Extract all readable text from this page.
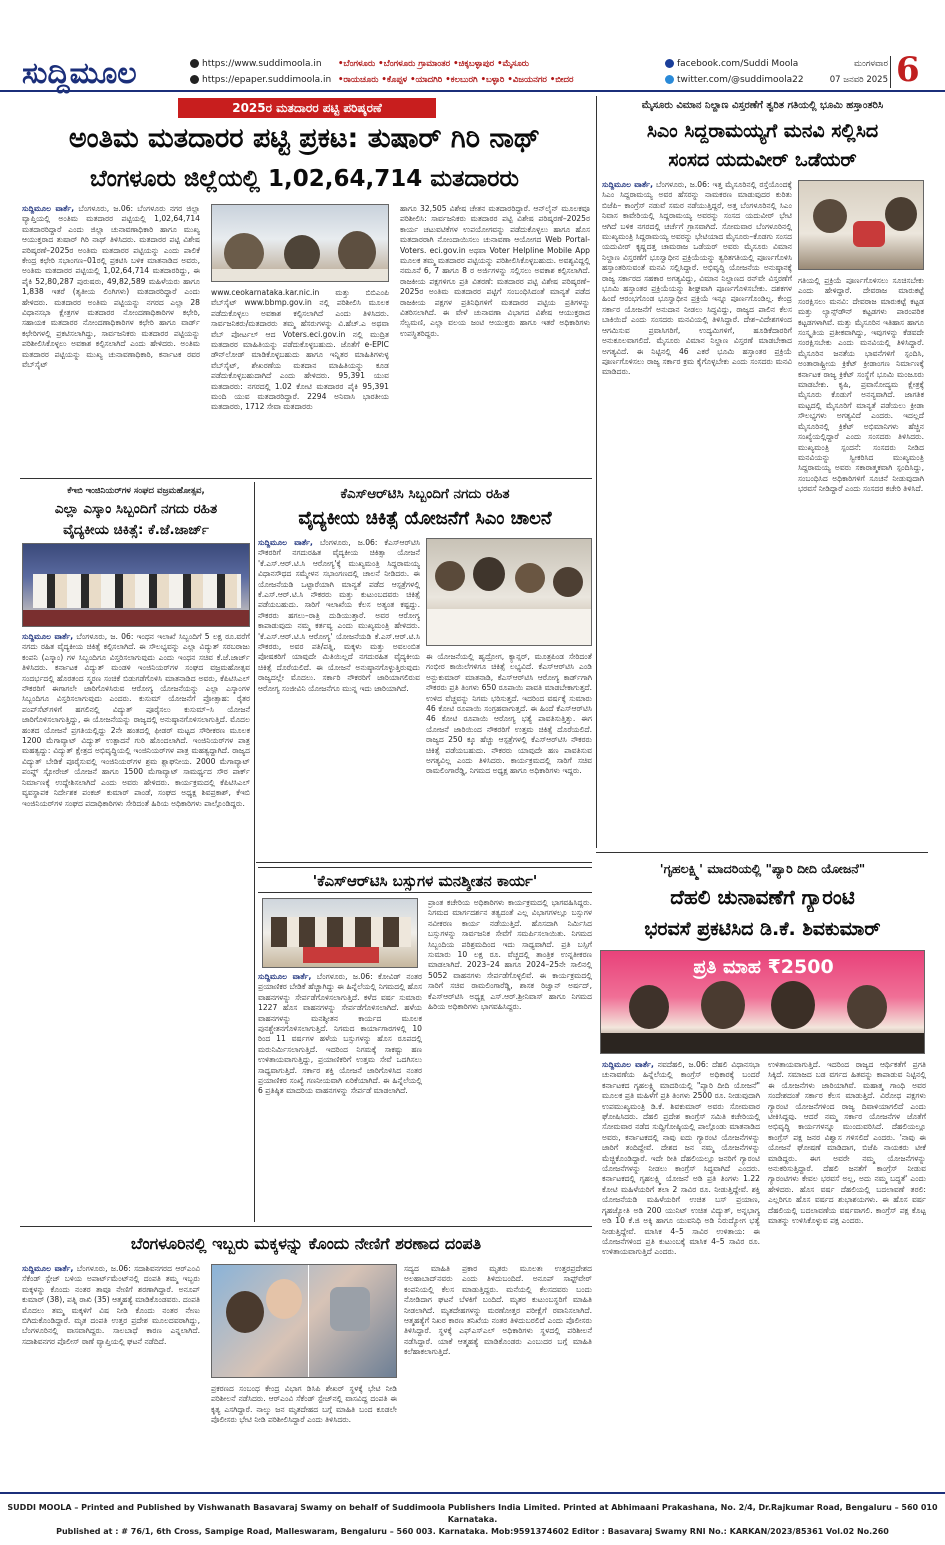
ಸುದ್ದಿಮೂಲ	https://www.suddimoola.in
https://epaper.suddimoola.in
•ಬೆಂಗಳೂರು •ಬೆಂಗಳೂರು ಗ್ರಾಮಾಂತರ •ಚಿಕ್ಕಬಳ್ಳಾಪುರ •ಮೈಸೂರು
•ರಾಯಚೂರು •ಕೊಪ್ಪಳ •ಯಾದಗಿರಿ •ಕಲಬುರಗಿ •ಬಳ್ಳಾರಿ •ವಿಜಯನಗರ •ಬೀದರ
facebook.com/Suddi Moola
twitter.com/@suddimoola22
ಮಂಗಳವಾರ
07 ಜನವರಿ 2025 6
2025ರ ಮತದಾರರ ಪಟ್ಟಿ ಪರಿಷ್ಕರಣೆ
ಅಂತಿಮ ಮತದಾರರ ಪಟ್ಟಿ ಪ್ರಕಟ: ತುಷಾರ್ ಗಿರಿ ನಾಥ್
ಬೆಂಗಳೂರು ಜಿಲ್ಲೆಯಲ್ಲಿ 1,02,64,714 ಮತದಾರರು
ಸುದ್ದಿಮೂಲ ವಾರ್ತೆ, ಬೆಂಗಳೂರು, ಜ.06: ಬೆಂಗಳೂರು ನಗರ ಜಿಲ್ಲಾ ವ್ಯಾಪ್ತಿಯಲ್ಲಿ ಅಂತಿಮ ಮತದಾರರ ಪಟ್ಟಿಯಲ್ಲಿ 1,02,64,714 ಮತದಾರರಿದ್ದಾರೆ ಎಂದು ಜಿಲ್ಲಾ ಚುನಾವಣಾಧಿಕಾರಿ ಹಾಗೂ ಮುಖ್ಯ ಆಯುಕ್ತರಾದ ತುಷಾರ್ ಗಿರಿ ನಾಥ್ ತಿಳಿಸಿದರು. ಮತದಾರರ ಪಟ್ಟಿ ವಿಶೇಷ ಪರಿಷ್ಕರಣೆ–2025ರ ಅಂತಿಮ ಮತದಾರರ ಪಟ್ಟಿಯನ್ನು ಎಂದು ಪಾಲಿಕೆ ಕೇಂದ್ರ ಕಛೇರಿ ಸಭಾಂಗಣ–01ರಲ್ಲಿ ಪ್ರಕಟಿಸಿ ಬಳಿಕ ಮಾತನಾಡಿದ ಅವರು, ಅಂತಿಮ ಮತದಾರರ ಪಟ್ಟಿಯಲ್ಲಿ 1,02,64,714 ಮತದಾರರಿದ್ದು, ಈ ಪೈಕಿ 52,80,287 ಪುರುಷರು, 49,82,589 ಮಹಿಳೆಯರು ಹಾಗೂ 1,838 ಇತರೆ (ತೃತೀಯ ಲಿಂಗಿಗಳು) ಮತದಾರರಿದ್ದಾರೆ ಎಂದು ಹೇಳಿದರು. ಮತದಾರರ ಅಂತಿಮ ಪಟ್ಟಿಯನ್ನು ನಗರದ ಎಲ್ಲಾ 28 ವಿಧಾನಸಭಾ ಕ್ಷೇತ್ರಗಳ ಮತದಾರರ ನೋಂದಣಾಧಿಕಾರಿಗಳ ಕಛೇರಿ, ಸಹಾಯಕ ಮತದಾರರ ನೋಂದಣಾಧಿಕಾರಿಗಳ ಕಛೇರಿ ಹಾಗೂ ವಾರ್ಡ್ ಕಛೇರಿಗಳಲ್ಲಿ ಪ್ರಕಟಿಸಲಾಗಿದ್ದು, ಸಾರ್ವಜನಿಕರು ಮತದಾರರ ಪಟ್ಟಿಯನ್ನು ಪರಿಶೀಲಿಸಿಕೊಳ್ಳಲು ಅವಕಾಶ ಕಲ್ಪಿಸಲಾಗಿದೆ ಎಂದು ಹೇಳಿದರು. ಅಂತಿಮ ಮತದಾರರ ಪಟ್ಟಿಯನ್ನು ಮುಖ್ಯ ಚುನಾವಣಾಧಿಕಾರಿ, ಕರ್ನಾಟಕ ರವರ ವೆಬ್‌ಸೈಟ್
www.ceokarnataka.kar.nic.in ಮತ್ತು ಬಿಬಿಎಂಪಿ ವೆಬ್‌ಸೈಟ್ www.bbmp.gov.in ನಲ್ಲಿ ಪರಿಶೀಲಿಸಿ ಮೂಲಕ ಪಡೆದುಕೊಳ್ಳಲು ಅವಕಾಶ ಕಲ್ಪಿಸಲಾಗಿದೆ ಎಂದು ತಿಳಿಸಿದರು. ಸಾರ್ವಜನಿಕರು/ಮತದಾರರು ತಮ್ಮ ಹೆಸರುಗಳನ್ನು ವಿ.ಹೆಚ್.ಎ ಅಥವಾ ವೆಬ್ ಪೋರ್ಟಲ್ ಆದ Voters.eci.gov.in ನಲ್ಲಿ ಮುದ್ರಿತ ಮತದಾರರ ಮಾಹಿತಿಯನ್ನು ಪಡೆದುಕೊಳ್ಳಬಹುದು. ಜೊತೆಗೆ e-EPIC ಡೌನ್‌ಲೋಡ್ ಮಾಡಿಕೊಳ್ಳಬಹುದು ಹಾಗೂ ಇನ್ನಿತರ ಮಾಹಿತಿಗಳುಳ್ಳ ವೆಬ್‌ಸೈಟ್, ಶೇಖರಣೆಯ ಮತದಾನ ಮಾಹಿತಿಯನ್ನು ಕೂಡ ಪಡೆದುಕೊಳ್ಳಬಹುದಾಗಿದೆ ಎಂದು ಹೇಳಿದರು. 95,391 ಯುವ ಮತದಾರರು: ನಗರದಲ್ಲಿ 1.02 ಕೋಟಿ ಮತದಾರರ ಪೈಕಿ 95,391 ಮಂದಿ ಯುವ ಮತದಾರರಿದ್ದಾರೆ. 2294 ಅನಿವಾಸಿ ಭಾರತೀಯ ಮತದಾರರು, 1712 ಸೇವಾ ಮತದಾರರು
ಹಾಗೂ 32,505 ವಿಶೇಷ ಚೇತನ ಮತದಾರರಿದ್ದಾರೆ. ಆನ್‌ಲೈನ್ ಮೂಲಕವೂ ಪರಿಶೀಲಿಸಿ: ಸಾರ್ವಜನಿಕರು ಮತದಾರರ ಪಟ್ಟಿ ವಿಶೇಷ ಪರಿಷ್ಕರಣೆ–2025ರ ಕಾರ್ಯ ಚಟುವಟಿಕೆಗಳ ಉಪಯೋಗವನ್ನು ಪಡೆದುಕೊಳ್ಳಲು ಹಾಗೂ ಹೊಸ ಮತದಾರರಾಗಿ ನೋಂದಾಯಿಸಲು ಚುನಾವಣಾ ಆಯೋಗದ Web Portal-Voters. eci.gov.in ಅಥವಾ Voter Helpline Mobile App ಮೂಲಕ ತಮ್ಮ ಮತದಾರರ ಪಟ್ಟಿಯನ್ನು ಪರಿಶೀಲಿಸಿಕೊಳ್ಳಬಹುದು. ಅವಶ್ಯವಿದ್ದಲ್ಲಿ ನಮೂನೆ 6, 7 ಹಾಗೂ 8 ರ ಅರ್ಜಿಗಳನ್ನು ಸಲ್ಲಿಸಲು ಅವಕಾಶ ಕಲ್ಪಿಸಲಾಗಿದೆ. ರಾಜಕೀಯ ಪಕ್ಷಗಳಿಗೂ ಪ್ರತಿ ವಿತರಣೆ: ಮತದಾರರ ಪಟ್ಟಿ ವಿಶೇಷ ಪರಿಷ್ಕರಣೆ–2025ರ ಅಂತಿಮ ಮತದಾರರ ಪಟ್ಟಿಗೆ ಸಂಬಂಧಿಸಿದಂತೆ ಮಾನ್ಯತೆ ಪಡೆದ ರಾಜಕೀಯ ಪಕ್ಷಗಳ ಪ್ರತಿನಿಧಿಗಳಿಗೆ ಮತದಾರರ ಪಟ್ಟಿಯ ಪ್ರತಿಗಳನ್ನು ವಿತರಿಸಲಾಗಿದೆ. ಈ ವೇಳೆ ಚುನಾವಣಾ ವಿಭಾಗದ ವಿಶೇಷ ಆಯುಕ್ತರಾದ ಸೆಲ್ವಮಣಿ, ಎಲ್ಲಾ ವಲಯ ಜಂಟಿ ಆಯುಕ್ತರು ಹಾಗೂ ಇತರೆ ಅಧಿಕಾರಿಗಳು ಉಪಸ್ಥಿತರಿದ್ದರು.
ಮೈಸೂರು ವಿಮಾನ ನಿಲ್ದಾಣ ವಿಸ್ತರಣೆಗೆ ತ್ವರಿತ ಗತಿಯಲ್ಲಿ ಭೂಮಿ ಹಸ್ತಾಂತರಿಸಿ
ಸಿಎಂ ಸಿದ್ದರಾಮಯ್ಯಗೆ ಮನವಿ ಸಲ್ಲಿಸಿದ
ಸಂಸದ ಯದುವೀರ್ ಒಡೆಯರ್
ಸುದ್ದಿಮೂಲ ವಾರ್ತೆ, ಬೆಂಗಳೂರು, ಜ.06: ಇತ್ತ ಮೈಸೂರಿನಲ್ಲಿ ರಸ್ತೆಯೊಂದಕ್ಕೆ ಸಿಎಂ ಸಿದ್ದರಾಮಯ್ಯ ಅವರ ಹೆಸರನ್ನು ನಾಮಕರಣ ಮಾಡುವುದರ ಕುರಿತು ಬಿಜೆಪಿ– ಕಾಂಗ್ರೆಸ್ ನಡುವೆ ಸಮರ ನಡೆಯುತ್ತಿದ್ದರೆ, ಅತ್ತ ಬೆಂಗಳೂರಿನಲ್ಲಿ ಸಿಎಂ ನಿವಾಸ ಕಾವೇರಿಯಲ್ಲಿ ಸಿದ್ದರಾಮಯ್ಯ ಅವರನ್ನು ಸಂಸದ ಯದುವೀರ್ ಭೇಟಿ ಆಗಿದೆ ಬಳಿಕ ನಗರದಲ್ಲಿ ಚರ್ಚೆಗೆ ಗ್ರಾಸವಾಗಿದೆ. ಸೋಮವಾರ ಬೆಂಗಳೂರಿನಲ್ಲಿ ಮುಖ್ಯಮಂತ್ರಿ ಸಿದ್ದರಾಮಯ್ಯ ಅವರನ್ನು ಭೇಟಿಯಾದ ಮೈಸೂರು–ಕೊಡಗು ಸಂಸದ ಯದುವೀರ್ ಕೃಷ್ಣದತ್ತ ಚಾಮರಾಜ ಒಡೆಯರ್ ಅವರು ಮೈಸೂರು ವಿಮಾನ ನಿಲ್ದಾಣ ವಿಸ್ತರಣೆಗೆ ಭೂಸ್ವಾಧೀನ ಪ್ರಕ್ರಿಯೆಯನ್ನು ತ್ವರಿತಗತಿಯಲ್ಲಿ ಪೂರ್ಣಗೊಳಿಸಿ ಹಸ್ತಾಂತರಿಸುವಂತೆ ಮನವಿ ಸಲ್ಲಿಸಿದ್ದಾರೆ. ಅಭಿವೃದ್ಧಿ ಯೋಜನೆಯ ಅನುಷ್ಠಾನಕ್ಕೆ ರಾಜ್ಯ ಸರ್ಕಾರದ ಸಹಕಾರ ಅಗತ್ಯವಿದ್ದು, ವಿಮಾನ ನಿಲ್ದಾಣದ ರನ್‌ವೇ ವಿಸ್ತರಣೆಗೆ ಭೂಮಿ ಹಸ್ತಾಂತರ ಪ್ರಕ್ರಿಯೆಯನ್ನು ಶೀಘ್ರವಾಗಿ ಪೂರ್ಣಗೊಳಿಸಬೇಕು. ದಶಕಗಳ ಹಿಂದೆ ಆರಂಭಗೊಂಡ ಭೂಸ್ವಾಧೀನ ಪ್ರಕ್ರಿಯೆ ಇನ್ನೂ ಪೂರ್ಣಗೊಂಡಿಲ್ಲ. ಕೇಂದ್ರ ಸರ್ಕಾರ ಯೋಜನೆಗೆ ಅನುದಾನ ನೀಡಲು ಸಿದ್ಧವಿದ್ದು, ರಾಜ್ಯದ ಪಾಲಿನ ಕೆಲಸ ಬಾಕಿಯಿದೆ ಎಂದು ಸಂಸದರು ಮನವಿಯಲ್ಲಿ ತಿಳಿಸಿದ್ದಾರೆ. ದೇಶ–ವಿದೇಶಗಳಿಂದ ಆಗಮಿಸುವ ಪ್ರವಾಸಿಗರಿಗೆ, ಉದ್ಯಮಿಗಳಿಗೆ, ಹೂಡಿಕೆದಾರರಿಗೆ ಅನುಕೂಲವಾಗಲಿದೆ. ಮೈಸೂರು ವಿಮಾನ ನಿಲ್ದಾಣ ವಿಸ್ತರಣೆ ಮಾಡಬೇಕಾದ ಅಗತ್ಯವಿದೆ. ಈ ನಿಟ್ಟಿನಲ್ಲಿ 46 ಎಕರೆ ಭೂಮಿ ಹಸ್ತಾಂತರ ಪ್ರಕ್ರಿಯೆ ಪೂರ್ಣಗೊಳಿಸಲು ರಾಜ್ಯ ಸರ್ಕಾರ ಕ್ರಮ ಕೈಗೊಳ್ಳಬೇಕು ಎಂದು ಸಂಸದರು ಮನವಿ ಮಾಡಿದರು.
ಗತಿಯಲ್ಲಿ ಪ್ರಕ್ರಿಯೆ ಪೂರ್ಣಗೊಳಿಸಲು ಸೂಚಿಸಬೇಕು ಎಂದು ಹೇಳಿದ್ದಾರೆ. ದೇವರಾಜ ಮಾರುಕಟ್ಟೆ ಸಂರಕ್ಷಿಸಲು ಮನವಿ: ದೇವರಾಜ ಮಾರುಕಟ್ಟೆ ಕಟ್ಟಡ ಮತ್ತು ಲ್ಯಾನ್ಸ್‌ಡೌನ್ ಕಟ್ಟಡಗಳು ಪಾರಂಪರಿಕ ಕಟ್ಟಡಗಳಾಗಿವೆ. ಮತ್ತು ಮೈಸೂರಿನ ಇತಿಹಾಸ ಹಾಗೂ ಸಂಸ್ಕೃತಿಯ ಪ್ರತೀಕವಾಗಿದ್ದು, ಇವುಗಳನ್ನು ಕೆಡವದೇ ಸಂರಕ್ಷಿಸಬೇಕು ಎಂದು ಮನವಿಯಲ್ಲಿ ತಿಳಿಸಿದ್ದಾರೆ. ಮೈಸೂರಿನ ಜನತೆಯ ಭಾವನೆಗಳಿಗೆ ಸ್ಪಂದಿಸಿ, ಅಂತಾರಾಷ್ಟ್ರೀಯ ಕ್ರಿಕೆಟ್ ಕ್ರೀಡಾಂಗಣ ನಿರ್ಮಾಣಕ್ಕೆ ಕರ್ನಾಟಕ ರಾಜ್ಯ ಕ್ರಿಕೆಟ್ ಸಂಸ್ಥೆಗೆ ಭೂಮಿ ಮಂಜೂರು ಮಾಡಬೇಕು. ಕೃಷಿ, ಪ್ರವಾಸೋದ್ಯಮ ಕ್ಷೇತ್ರಕ್ಕೆ ಮೈಸೂರು ಕೊಡುಗೆ ಅನನ್ಯವಾಗಿದೆ. ಜಾಗತಿಕ ಮಟ್ಟದಲ್ಲಿ ಮೈಸೂರಿಗೆ ಮಾನ್ಯತೆ ಪಡೆಯಲು ಕ್ರೀಡಾ ಸೌಲಭ್ಯಗಳು ಅಗತ್ಯವಿದೆ ಎಂದರು. ಇದಲ್ಲದೆ ಮೈಸೂರಿನಲ್ಲಿ ಕ್ರಿಕೆಟ್ ಅಭಿಮಾನಿಗಳು ಹೆಚ್ಚಿನ ಸಂಖ್ಯೆಯಲ್ಲಿದ್ದಾರೆ ಎಂದು ಸಂಸದರು ತಿಳಿಸಿದರು. ಮುಖ್ಯಮಂತ್ರಿ ಸ್ಪಂದನೆ: ಸಂಸದರು ನೀಡಿದ ಮನವಿಯನ್ನು ಸ್ವೀಕರಿಸಿದ ಮುಖ್ಯಮಂತ್ರಿ ಸಿದ್ದರಾಮಯ್ಯ ಅವರು ಸಕಾರಾತ್ಮಕವಾಗಿ ಸ್ಪಂದಿಸಿದ್ದು, ಸಂಬಂಧಿಸಿದ ಅಧಿಕಾರಿಗಳಿಗೆ ಸೂಚನೆ ನೀಡುವುದಾಗಿ ಭರವಸೆ ನೀಡಿದ್ದಾರೆ ಎಂದು ಸಂಸದರ ಕಚೇರಿ ತಿಳಿಸಿದೆ.
ಕೆಇಬಿ ಇಂಜಿನಿಯರ್‌ಗಳ ಸಂಘದ ವಜ್ರಮಹೋತ್ಸವ,
ಎಲ್ಲಾ ಎಸ್ಕಾಂ ಸಿಬ್ಬಂದಿಗೆ ನಗದು ರಹಿತ
ವೈದ್ಯಕೀಯ ಚಿಕಿತ್ಸೆ: ಕೆ.ಜೆ.ಜಾರ್ಜ್
ಸುದ್ದಿಮೂಲ ವಾರ್ತೆ, ಬೆಂಗಳೂರು, ಜ. 06: ಇಂಧನ ಇಲಾಖೆ ಸಿಬ್ಬಂದಿಗೆ 5 ಲಕ್ಷ ರೂ.ವರೆಗೆ ನಗದು ರಹಿತ ವೈದ್ಯಕೀಯ ಚಿಕಿತ್ಸೆ ಕಲ್ಪಿಸಲಾಗಿದೆ. ಈ ಸೌಲಭ್ಯವನ್ನು ಎಲ್ಲಾ ವಿದ್ಯುತ್ ಸರಬರಾಜು ಕಂಪನಿ (ಎಸ್ಕಾಂ) ಗಳ ಸಿಬ್ಬಂದಿಗೂ ವಿಸ್ತರಿಸಲಾಗುವುದು ಎಂದು ಇಂಧನ ಸಚಿವ ಕೆ.ಜೆ.ಜಾರ್ಜ್ ತಿಳಿಸಿದರು. ಕರ್ನಾಟಕ ವಿದ್ಯುತ್ ಮಂಡಳಿ ಇಂಜಿನಿಯರ್‌ಗಳ ಸಂಘದ ವಜ್ರಮಹೋತ್ಸವ ಸಂದರ್ಭದಲ್ಲಿ ಹೊರತಂದ ಸ್ಮರಣ ಸಂಚಿಕೆ ಬಿಡುಗಡೆಗೊಳಿಸಿ ಮಾತನಾಡಿದ ಅವರು, ಕೆಪಿಟಿಸಿಎಲ್ ನೌಕರರಿಗೆ ಈಗಾಗಲೇ ಜಾರಿಗೊಳಿಸಿರುವ ಆರೋಗ್ಯ ಯೋಜನೆಯನ್ನು ಎಲ್ಲಾ ಎಸ್ಕಾಂಗಳ ಸಿಬ್ಬಂದಿಗೂ ವಿಸ್ತರಿಸಲಾಗುವುದು ಎಂದರು. ಕುಸುಮ್ ಯೋಜನೆಗೆ ಪ್ರೋತ್ಸಾಹ: ರೈತರ ಪಂಪ್‌ಸೆಟ್‌ಗಳಿಗೆ ಹಗಲಿನಲ್ಲಿ ವಿದ್ಯುತ್ ಪೂರೈಸಲು ಕುಸುಮ್–ಸಿ ಯೋಜನೆ ಜಾರಿಗೊಳಿಸಲಾಗುತ್ತಿದ್ದು, ಈ ಯೋಜನೆಯನ್ನು ರಾಜ್ಯದಲ್ಲಿ ಅನುಷ್ಠಾನಗೊಳಿಸಲಾಗುತ್ತಿದೆ. ಮೊದಲ ಹಂತದ ಯೋಜನೆ ಪ್ರಗತಿಯಲ್ಲಿದ್ದು 2ನೇ ಹಂತದಲ್ಲಿ ಫೀಡರ್ ಮಟ್ಟದ ಸೌರೀಕರಣ ಮೂಲಕ 1200 ಮೆಗಾವ್ಯಾಟ್ ವಿದ್ಯುತ್ ಉತ್ಪಾದನೆ ಗುರಿ ಹೊಂದಲಾಗಿದೆ. ಇಂಜಿನಿಯರ್‌ಗಳ ಪಾತ್ರ ಮಹತ್ವದ್ದು: ವಿದ್ಯುತ್ ಕ್ಷೇತ್ರದ ಅಭಿವೃದ್ಧಿಯಲ್ಲಿ ಇಂಜಿನಿಯರ್‌ಗಳ ಪಾತ್ರ ಮಹತ್ವದ್ದಾಗಿದೆ. ರಾಜ್ಯದ ವಿದ್ಯುತ್ ಬೇಡಿಕೆ ಪೂರೈಸುವಲ್ಲಿ ಇಂಜಿನಿಯರ್‌ಗಳ ಶ್ರಮ ಶ್ಲಾಘನೀಯ. 2000 ಮೆಗಾವ್ಯಾಟ್ ಪಂಪ್ಡ್ ಸ್ಟೋರೇಜ್ ಯೋಜನೆ ಹಾಗೂ 1500 ಮೆಗಾವ್ಯಾಟ್ ಸಾಮರ್ಥ್ಯದ ಸೌರ ಪಾರ್ಕ್ ನಿರ್ಮಾಣಕ್ಕೆ ಉದ್ದೇಶಿಸಲಾಗಿದೆ ಎಂದು ಅವರು ಹೇಳಿದರು. ಕಾರ್ಯಕ್ರಮದಲ್ಲಿ ಕೆಪಿಟಿಸಿಎಲ್ ವ್ಯವಸ್ಥಾಪಕ ನಿರ್ದೇಶಕ ಪಂಕಜ್ ಕುಮಾರ್ ಪಾಂಡೆ, ಸಂಘದ ಅಧ್ಯಕ್ಷ ಶಿವಪ್ರಕಾಶ್, ಕೆಇಬಿ ಇಂಜಿನಿಯರ್‌ಗಳ ಸಂಘದ ಪದಾಧಿಕಾರಿಗಳು ಸೇರಿದಂತೆ ಹಿರಿಯ ಅಧಿಕಾರಿಗಳು ಪಾಲ್ಗೊಂಡಿದ್ದರು.
ಕೆಎಸ್‌ಆರ್‌ಟಿಸಿ ಸಿಬ್ಬಂದಿಗೆ ನಗದು ರಹಿತ
ವೈದ್ಯಕೀಯ ಚಿಕಿತ್ಸೆ ಯೋಜನೆಗೆ ಸಿಎಂ ಚಾಲನೆ
ಸುದ್ದಿಮೂಲ ವಾರ್ತೆ, ಬೆಂಗಳೂರು, ಜ.06: ಕೆಎಸ್‌ಆರ್‌ಟಿಸಿ ನೌಕರರಿಗೆ ನಗದುರಹಿತ ವೈದ್ಯಕೀಯ ಚಿಕಿತ್ಸಾ ಯೋಜನೆ 'ಕೆ.ಎಸ್.ಆರ್.ಟಿ.ಸಿ ಆರೋಗ್ಯ'ಕ್ಕೆ ಮುಖ್ಯಮಂತ್ರಿ ಸಿದ್ದರಾಮಯ್ಯ ವಿಧಾನಸೌಧದ ಸಮ್ಮೇಳನ ಸಭಾಂಗಣದಲ್ಲಿ ಚಾಲನೆ ನೀಡಿದರು. ಈ ಯೋಜನೆಯಡಿ ಒಟ್ಟಾರೆಯಾಗಿ ಮಾನ್ಯತೆ ಪಡೆದ ಆಸ್ಪತ್ರೆಗಳಲ್ಲಿ ಕೆ.ಎಸ್.ಆರ್.ಟಿ.ಸಿ ನೌಕರರು ಮತ್ತು ಕುಟುಂಬದವರು ಚಿಕಿತ್ಸೆ ಪಡೆಯಬಹುದು. ಸಾರಿಗೆ ಇಲಾಖೆಯ ಕೆಲಸ ಅತ್ಯಂತ ಕಷ್ಟದ್ದು. ನೌಕರರು ಹಗಲು–ರಾತ್ರಿ ದುಡಿಯುತ್ತಾರೆ. ಅವರ ಆರೋಗ್ಯ ಕಾಪಾಡುವುದು ನಮ್ಮ ಕರ್ತವ್ಯ ಎಂದು ಮುಖ್ಯಮಂತ್ರಿ ಹೇಳಿದರು. 'ಕೆ.ಎಸ್.ಆರ್.ಟಿ.ಸಿ ಆರೋಗ್ಯ' ಯೋಜನೆಯಡಿ ಕೆ.ಎಸ್.ಆರ್.ಟಿ.ಸಿ ನೌಕರರು, ಅವರ ಪತಿ/ಪತ್ನಿ, ಮಕ್ಕಳು ಮತ್ತು ಅವಲಂಬಿತ ಪೋಷಕರಿಗೆ ಯಾವುದೇ ಮಿತಿಯಿಲ್ಲದೆ ನಗದುರಹಿತ ವೈದ್ಯಕೀಯ ಚಿಕಿತ್ಸೆ ದೊರೆಯಲಿದೆ. ಈ ಯೋಜನೆ ಅನುಷ್ಠಾನಗೊಳ್ಳುತ್ತಿರುವುದು ರಾಜ್ಯದಲ್ಲೇ ಮೊದಲು. ಸರ್ಕಾರಿ ನೌಕರರಿಗೆ ಜಾರಿಯಾಗಲಿರುವ ಆರೋಗ್ಯ ಸಂಜೀವಿನಿ ಯೋಜನೆಗೂ ಮುನ್ನ ಇದು ಜಾರಿಯಾಗಿದೆ.
ಈ ಯೋಜನೆಯಲ್ಲಿ ಹೃದ್ರೋಗ, ಕ್ಯಾನ್ಸರ್, ಮೂತ್ರಪಿಂಡ ಸೇರಿದಂತೆ ಗಂಭೀರ ಕಾಯಿಲೆಗಳಿಗೂ ಚಿಕಿತ್ಸೆ ಲಭ್ಯವಿದೆ. ಕೆಎಸ್‌ಆರ್‌ಟಿಸಿ ಎಂಡಿ ಅನ್ಬುಕುಮಾರ್ ಮಾತನಾಡಿ, ಕೆಎಸ್‌ಆರ್‌ಟಿಸಿ ಆರೋಗ್ಯ ಕಾರ್ಡ್‌ಗಾಗಿ ನೌಕರರು ಪ್ರತಿ ತಿಂಗಳು 650 ರೂಪಾಯಿ ಪಾವತಿ ಮಾಡಬೇಕಾಗುತ್ತದೆ. ಉಳಿದ ವೆಚ್ಚವನ್ನು ನಿಗಮ ಭರಿಸುತ್ತದೆ. ಇದರಿಂದ ವರ್ಷಕ್ಕೆ ಸುಮಾರು 46 ಕೋಟಿ ರೂಪಾಯಿ ಸಂಗ್ರಹವಾಗುತ್ತದೆ. ಈ ಹಿಂದೆ ಕೆಎಸ್‌ಆರ್‌ಟಿಸಿ 46 ಕೋಟಿ ರೂಪಾಯಿ ಆರೋಗ್ಯ ಭತ್ಯೆ ಪಾವತಿಸುತ್ತಿತ್ತು. ಈಗ ಯೋಜನೆ ಜಾರಿಯಿಂದ ನೌಕರರಿಗೆ ಉತ್ತಮ ಚಿಕಿತ್ಸೆ ದೊರೆಯಲಿದೆ. ರಾಜ್ಯದ 250 ಕ್ಕೂ ಹೆಚ್ಚು ಆಸ್ಪತ್ರೆಗಳಲ್ಲಿ ಕೆಎಸ್‌ಆರ್‌ಟಿಸಿ ನೌಕರರು ಚಿಕಿತ್ಸೆ ಪಡೆಯಬಹುದು. ನೌಕರರು ಯಾವುದೇ ಹಣ ಪಾವತಿಸುವ ಅಗತ್ಯವಿಲ್ಲ ಎಂದು ತಿಳಿಸಿದರು. ಕಾರ್ಯಕ್ರಮದಲ್ಲಿ ಸಾರಿಗೆ ಸಚಿವ ರಾಮಲಿಂಗಾರೆಡ್ಡಿ, ನಿಗಮದ ಅಧ್ಯಕ್ಷ ಹಾಗೂ ಅಧಿಕಾರಿಗಳು ಇದ್ದರು.
'ಕೆಎಸ್‌ಆರ್‌ಟಿಸಿ ಬಸ್ಸುಗಳ ಮನಶ್ಶೀತನ ಕಾರ್ಯ'
ಸುದ್ದಿಮೂಲ ವಾರ್ತೆ, ಬೆಂಗಳೂರು, ಜ.06: ಕೋವಿಡ್ ನಂತರ ಪ್ರಯಾಣಿಕರ ಬೇಡಿಕೆ ಹೆಚ್ಚಾಗಿದ್ದು ಈ ಹಿನ್ನೆಲೆಯಲ್ಲಿ ನಿಗಮದಲ್ಲಿ ಹೊಸ ವಾಹನಗಳನ್ನು ಸೇರ್ಪಡೆಗೊಳಿಸಲಾಗುತ್ತಿದೆ. ಕಳೆದ ವರ್ಷ ಸುಮಾರು 1227 ಹೊಸ ವಾಹನಗಳನ್ನು ಸೇರ್ಪಡೆಗೊಳಿಸಲಾಗಿದೆ. ಹಳೆಯ ವಾಹನಗಳನ್ನು ಮನಶ್ಶೀತನ ಕಾರ್ಯದ ಮೂಲಕ ಪುನಶ್ಚೇತನಗೊಳಿಸಲಾಗುತ್ತಿದೆ. ನಿಗಮದ ಕಾರ್ಯಾಗಾರಗಳಲ್ಲಿ 10 ರಿಂದ 11 ವರ್ಷಗಳ ಹಳೆಯ ಬಸ್ಸುಗಳನ್ನು ಹೊಸ ರೂಪದಲ್ಲಿ ಮರುನಿರ್ಮಿಸಲಾಗುತ್ತಿದೆ. ಇದರಿಂದ ನಿಗಮಕ್ಕೆ ಸಾಕಷ್ಟು ಹಣ ಉಳಿತಾಯವಾಗುತ್ತಿದ್ದು, ಪ್ರಯಾಣಿಕರಿಗೆ ಉತ್ತಮ ಸೇವೆ ಒದಗಿಸಲು ಸಾಧ್ಯವಾಗುತ್ತಿದೆ. ಸರ್ಕಾರ ಶಕ್ತಿ ಯೋಜನೆ ಜಾರಿಗೊಳಿಸಿದ ನಂತರ ಪ್ರಯಾಣಿಕರ ಸಂಖ್ಯೆ ಗಣನೀಯವಾಗಿ ಏರಿಕೆಯಾಗಿದೆ. ಈ ಹಿನ್ನೆಲೆಯಲ್ಲಿ 6 ಪ್ರತಿಷ್ಠಿತ ಮಾದರಿಯ ವಾಹನಗಳನ್ನು ಸೇರ್ಪಡೆ ಮಾಡಲಾಗಿದೆ.
ಪ್ರಾಂತ ಕಚೇರಿಯ ಅಧಿಕಾರಿಗಳು ಕಾರ್ಯಕ್ರಮದಲ್ಲಿ ಭಾಗವಹಿಸಿದ್ದರು. ನಿಗಮದ ಮಾರ್ಗದರ್ಶನ ತತ್ವದಂತೆ ಎಲ್ಲ ವಿಭಾಗಗಳಲ್ಲೂ ಬಸ್ಸುಗಳ ನವೀಕರಣ ಕಾರ್ಯ ನಡೆಯುತ್ತಿದೆ. ಹೊಸದಾಗಿ ನಿರ್ಮಿಸಿದ ಬಸ್ಸುಗಳನ್ನು ಸಾರ್ವಜನಿಕ ಸೇವೆಗೆ ಸಮರ್ಪಿಸಲಾಯಿತು. ನಿಗಮದ ಸಿಬ್ಬಂದಿಯ ಪರಿಶ್ರಮದಿಂದ ಇದು ಸಾಧ್ಯವಾಗಿದೆ. ಪ್ರತಿ ಬಸ್ಸಿಗೆ ಸುಮಾರು 10 ಲಕ್ಷ ರೂ. ವೆಚ್ಚದಲ್ಲಿ ತಾಂತ್ರಿಕ ಉನ್ನತೀಕರಣ ಮಾಡಲಾಗಿದೆ. 2023–24 ಹಾಗೂ 2024–25ನೇ ಸಾಲಿನಲ್ಲಿ 5052 ವಾಹನಗಳು ಸೇರ್ಪಡೆಗೊಳ್ಳಲಿವೆ. ಈ ಕಾರ್ಯಕ್ರಮದಲ್ಲಿ ಸಾರಿಗೆ ಸಚಿವ ರಾಮಲಿಂಗಾರೆಡ್ಡಿ, ಶಾಸಕ ರಿಜ್ವಾನ್ ಅರ್ಷದ್, ಕೆಎಸ್‌ಆರ್‌ಟಿಸಿ ಅಧ್ಯಕ್ಷ ಎಸ್.ಆರ್.ಶ್ರೀನಿವಾಸ್ ಹಾಗೂ ನಿಗಮದ ಹಿರಿಯ ಅಧಿಕಾರಿಗಳು ಭಾಗವಹಿಸಿದ್ದರು.
'ಗೃಹಲಕ್ಷ್ಮಿ' ಮಾದರಿಯಲ್ಲಿ "ಪ್ಯಾರಿ ದೀದಿ ಯೋಜನೆ"
ದೆಹಲಿ ಚುನಾವಣೆಗೆ ಗ್ಯಾರಂಟಿ
ಭರವಸೆ ಪ್ರಕಟಿಸಿದ ಡಿ.ಕೆ. ಶಿವಕುಮಾರ್
ಪ್ರತಿ ಮಾಹ ₹2500
ಸುದ್ದಿಮೂಲ ವಾರ್ತೆ, ನವದೆಹಲಿ, ಜ.06: ದೆಹಲಿ ವಿಧಾನಸಭಾ ಚುನಾವಣೆಯ ಹಿನ್ನೆಲೆಯಲ್ಲಿ ಕಾಂಗ್ರೆಸ್ ಅಧಿಕಾರಕ್ಕೆ ಬಂದರೆ ಕರ್ನಾಟಕದ ಗೃಹಲಕ್ಷ್ಮಿ ಮಾದರಿಯಲ್ಲಿ "ಪ್ಯಾರಿ ದೀದಿ ಯೋಜನೆ" ಮೂಲಕ ಪ್ರತಿ ಮಹಿಳೆಗೆ ಪ್ರತಿ ತಿಂಗಳು 2500 ರೂ. ನೀಡುವುದಾಗಿ ಉಪಮುಖ್ಯಮಂತ್ರಿ ಡಿ.ಕೆ. ಶಿವಕುಮಾರ್ ಅವರು ಸೋಮವಾರ ಘೋಷಿಸಿದರು. ದೆಹಲಿ ಪ್ರದೇಶ ಕಾಂಗ್ರೆಸ್ ಸಮಿತಿ ಕಚೇರಿಯಲ್ಲಿ ಸೋಮವಾರ ನಡೆದ ಸುದ್ದಿಗೋಷ್ಠಿಯಲ್ಲಿ ಪಾಲ್ಗೊಂಡು ಮಾತನಾಡಿದ ಅವರು, ಕರ್ನಾಟಕದಲ್ಲಿ ನಾವು ಐದು ಗ್ಯಾರಂಟಿ ಯೋಜನೆಗಳನ್ನು ಜಾರಿಗೆ ತಂದಿದ್ದೇವೆ. ದೇಶದ ಜನ ನಮ್ಮ ಯೋಜನೆಗಳನ್ನು ಮೆಚ್ಚಿಕೊಂಡಿದ್ದಾರೆ. ಇದೇ ರೀತಿ ದೆಹಲಿಯಲ್ಲೂ ಜನರಿಗೆ ಗ್ಯಾರಂಟಿ ಯೋಜನೆಗಳನ್ನು ನೀಡಲು ಕಾಂಗ್ರೆಸ್ ಸಿದ್ಧವಾಗಿದೆ ಎಂದರು. ಕರ್ನಾಟಕದಲ್ಲಿ ಗೃಹಲಕ್ಷ್ಮಿ ಯೋಜನೆ ಅಡಿ ಪ್ರತಿ ತಿಂಗಳು 1.22 ಕೋಟಿ ಮಹಿಳೆಯರಿಗೆ ತಲಾ 2 ಸಾವಿರ ರೂ. ನೀಡುತ್ತಿದ್ದೇವೆ. ಶಕ್ತಿ ಯೋಜನೆಯಡಿ ಮಹಿಳೆಯರಿಗೆ ಉಚಿತ ಬಸ್ ಪ್ರಯಾಣ, ಗೃಹಜ್ಯೋತಿ ಅಡಿ 200 ಯುನಿಟ್ ಉಚಿತ ವಿದ್ಯುತ್, ಅನ್ನಭಾಗ್ಯ ಅಡಿ 10 ಕೆ.ಜಿ ಅಕ್ಕಿ ಹಾಗೂ ಯುವನಿಧಿ ಅಡಿ ನಿರುದ್ಯೋಗ ಭತ್ಯೆ ನೀಡುತ್ತಿದ್ದೇವೆ. ಮಾಸಿಕ 4–5 ಸಾವಿರ ಉಳಿತಾಯ: ಈ ಯೋಜನೆಗಳಿಂದ ಪ್ರತಿ ಕುಟುಂಬಕ್ಕೆ ಮಾಸಿಕ 4–5 ಸಾವಿರ ರೂ. ಉಳಿತಾಯವಾಗುತ್ತಿದೆ ಎಂದರು.
ಉಳಿತಾಯವಾಗುತ್ತಿದೆ. ಇದರಿಂದ ರಾಜ್ಯದ ಆರ್ಥಿಕತೆಗೆ ಪ್ರಗತಿ ಸಿಕ್ಕಿದೆ. ಸಮಾಜದ ಬಡ ವರ್ಗದ ಹಿತವನ್ನು ಕಾಪಾಡುವ ನಿಟ್ಟಿನಲ್ಲಿ ಈ ಯೋಜನೆಗಳು ಜಾರಿಯಾಗಿವೆ. ಮಹಾತ್ಮ ಗಾಂಧಿ ಅವರ ಸಂದೇಶದಂತೆ ಸರ್ಕಾರ ಕೆಲಸ ಮಾಡುತ್ತಿದೆ. ವಿರೋಧ ಪಕ್ಷಗಳು ಗ್ಯಾರಂಟಿ ಯೋಜನೆಗಳಿಂದ ರಾಜ್ಯ ದಿವಾಳಿಯಾಗಲಿದೆ ಎಂದು ಟೀಕಿಸಿದ್ದವು. ಆದರೆ ನಮ್ಮ ಸರ್ಕಾರ ಯೋಜನೆಗಳ ಜೊತೆಗೆ ಅಭಿವೃದ್ಧಿ ಕಾರ್ಯಗಳನ್ನೂ ಮುಂದುವರಿಸಿದೆ. ದೆಹಲಿಯಲ್ಲೂ ಕಾಂಗ್ರೆಸ್ ಪಕ್ಷ ಜನರ ವಿಶ್ವಾಸ ಗಳಿಸಲಿದೆ ಎಂದರು. 'ನಾವು ಈ ಯೋಜನೆ ಘೋಷಣೆ ಮಾಡಿದಾಗ, ಬಿಜೆಪಿ ನಾಯಕರು ಟೀಕೆ ಮಾಡಿದ್ದರು. ಈಗ ಅವರೇ ನಮ್ಮ ಯೋಜನೆಗಳನ್ನು ಅನುಕರಿಸುತ್ತಿದ್ದಾರೆ. ದೆಹಲಿ ಜನತೆಗೆ ಕಾಂಗ್ರೆಸ್ ನೀಡುವ ಗ್ಯಾರಂಟಿಗಳು ಕೇವಲ ಭರವಸೆ ಅಲ್ಲ, ಅದು ನಮ್ಮ ಬದ್ಧತೆ' ಎಂದು ಹೇಳಿದರು. ಹೊಸ ವರ್ಷ ದೆಹಲಿಯಲ್ಲಿ ಬದಲಾವಣೆ ತರಲಿ: ಎಲ್ಲರಿಗೂ ಹೊಸ ವರ್ಷದ ಶುಭಾಶಯಗಳು. ಈ ಹೊಸ ವರ್ಷ ದೆಹಲಿಯಲ್ಲಿ ಬದಲಾವಣೆಯ ವರ್ಷವಾಗಲಿ. ಕಾಂಗ್ರೆಸ್ ಪಕ್ಷ ಕೊಟ್ಟ ಮಾತನ್ನು ಉಳಿಸಿಕೊಳ್ಳುವ ಪಕ್ಷ ಎಂದರು.
ಬೆಂಗಳೂರಿನಲ್ಲಿ ಇಬ್ಬರು ಮಕ್ಕಳನ್ನು ಕೊಂದು ನೇಣಿಗೆ ಶರಣಾದ ದಂಪತಿ
ಸುದ್ದಿಮೂಲ ವಾರ್ತೆ, ಬೆಂಗಳೂರು, ಜ.06: ಸದಾಶಿವನಗರದ ಆರ್‌ಎಂವಿ ಸೆಕೆಂಡ್ ಸ್ಟೇಜ್ ಬಳಿಯ ಅಪಾರ್ಟ್‌ಮೆಂಟ್‌ನಲ್ಲಿ ದಂಪತಿ ತಮ್ಮ ಇಬ್ಬರು ಮಕ್ಕಳನ್ನು ಕೊಂದು ನಂತರ ತಾವೂ ನೇಣಿಗೆ ಶರಣಾಗಿದ್ದಾರೆ. ಅನೂಪ್ ಕುಮಾರ್ (38), ಪತ್ನಿ ರಾಖಿ (35) ಆತ್ಮಹತ್ಯೆ ಮಾಡಿಕೊಂಡವರು. ದಂಪತಿ ಮೊದಲು ತಮ್ಮ ಮಕ್ಕಳಿಗೆ ವಿಷ ನೀಡಿ ಕೊಂದು ನಂತರ ನೇಣು ಬಿಗಿದುಕೊಂಡಿದ್ದಾರೆ. ಮೃತ ದಂಪತಿ ಉತ್ತರ ಪ್ರದೇಶ ಮೂಲದವರಾಗಿದ್ದು, ಬೆಂಗಳೂರಿನಲ್ಲಿ ವಾಸವಾಗಿದ್ದರು. ಸಾಲಬಾಧೆ ಕಾರಣ ಎನ್ನಲಾಗಿದೆ. ಸದಾಶಿವನಗರ ಪೊಲೀಸ್ ಠಾಣೆ ವ್ಯಾಪ್ತಿಯಲ್ಲಿ ಘಟನೆ ನಡೆದಿದೆ.
ಪ್ರಕರಣದ ಸಂಬಂಧ ಕೇಂದ್ರ ವಿಭಾಗ ಡಿಸಿಪಿ ಶೇಖರ್ ಸ್ಥಳಕ್ಕೆ ಭೇಟಿ ನೀಡಿ ಪರಿಶೀಲನೆ ನಡೆಸಿದರು. ಆರ್‌ಎಂವಿ ಸೆಕೆಂಡ್ ಸ್ಟೇಜ್‌ನಲ್ಲಿ ವಾಸವಿದ್ದ ದಂಪತಿ ಈ ಕೃತ್ಯ ಎಸಗಿದ್ದಾರೆ. ನಾಲ್ಕು ಜನ ಮೃತದೇಹದ ಬಗ್ಗೆ ಮಾಹಿತಿ ಬಂದ ಕೂಡಲೇ ಪೊಲೀಸರು ಭೇಟಿ ನೀಡಿ ಪರಿಶೀಲಿಸಿದ್ದಾರೆ ಎಂದು ತಿಳಿಸಿದರು.
ಸದ್ಯದ ಮಾಹಿತಿ ಪ್ರಕಾರ ಮೃತರು ಮೂಲತಃ ಉತ್ತರಪ್ರದೇಶದ ಅಲಹಾಬಾದ್‌ನವರು ಎಂದು ತಿಳಿದುಬಂದಿದೆ. ಅನೂಪ್ ಸಾಫ್ಟ್‌ವೇರ್ ಕಂಪನಿಯಲ್ಲಿ ಕೆಲಸ ಮಾಡುತ್ತಿದ್ದರು. ಮನೆಯಲ್ಲಿ ಕೆಲಸದವರು ಬಂದು ನೋಡಿದಾಗ ಘಟನೆ ಬೆಳಕಿಗೆ ಬಂದಿದೆ. ಮೃತರ ಕುಟುಂಬಸ್ಥರಿಗೆ ಮಾಹಿತಿ ನೀಡಲಾಗಿದೆ. ಮೃತದೇಹಗಳನ್ನು ಮರಣೋತ್ತರ ಪರೀಕ್ಷೆಗೆ ರವಾನಿಸಲಾಗಿದೆ. ಆತ್ಮಹತ್ಯೆಗೆ ನಿಖರ ಕಾರಣ ತನಿಖೆಯ ನಂತರ ತಿಳಿದುಬರಲಿದೆ ಎಂದು ಪೊಲೀಸರು ತಿಳಿಸಿದ್ದಾರೆ. ಸ್ಥಳಕ್ಕೆ ಎಫ್‌ಎಸ್‌ಎಲ್ ಅಧಿಕಾರಿಗಳು ಸ್ಥಳದಲ್ಲಿ ಪರಿಶೀಲನೆ ನಡೆಸಿದ್ದಾರೆ. ಯಾಕೆ ಆತ್ಮಹತ್ಯೆ ಮಾಡಿಕೊಂಡರು ಎಂಬುದರ ಬಗ್ಗೆ ಮಾಹಿತಿ ಕಲೆಹಾಕಲಾಗುತ್ತಿದೆ.
SUDDI MOOLA – Printed and Published by Vishwanath Basavaraj Swamy on behalf of Suddimoola Publishers India Limited. Printed at Abhimaani Prakashana, No. 2/4, Dr.Rajkumar Road, Bengaluru – 560 010 Karnataka.
Published at : # 76/1, 6th Cross, Sampige Road, Malleswaram, Bengaluru – 560 003. Karnataka. Mob:9591374602 Editor : Basavaraj Swamy RNI No.: KARKAN/2023/85361 Vol.02 No.260
